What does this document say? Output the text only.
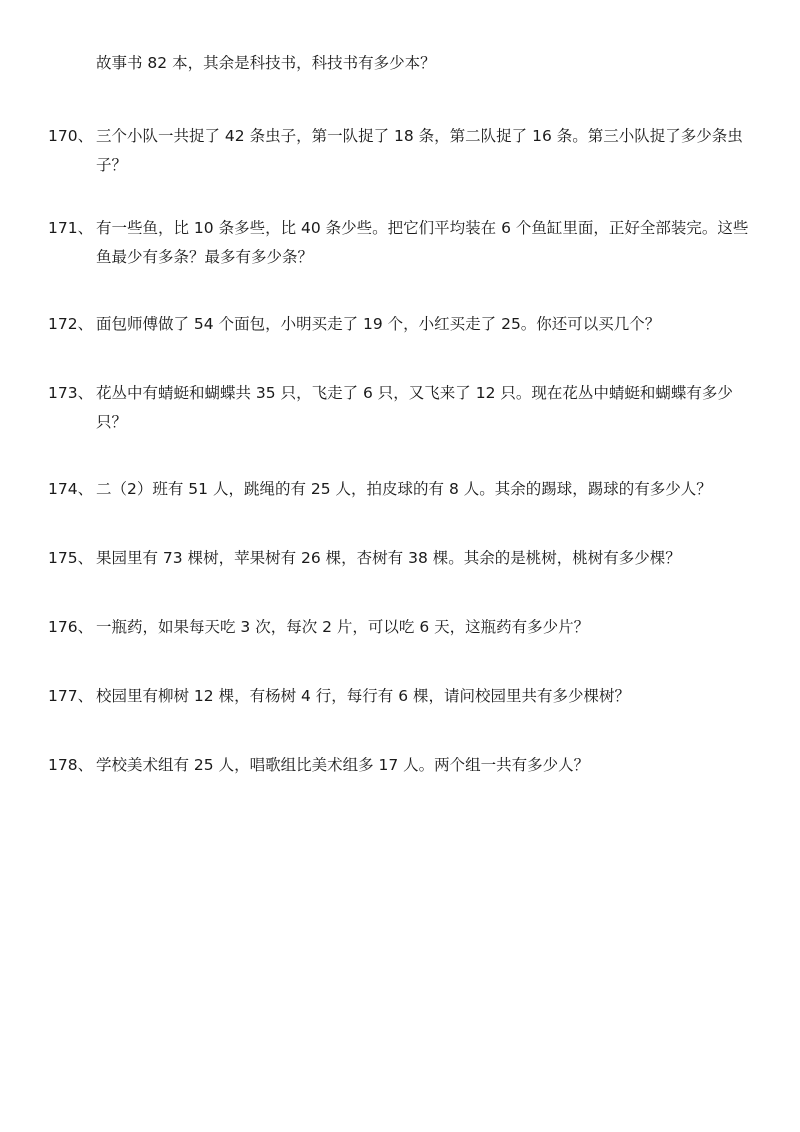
故事书 82 本，其余是科技书，科技书有多少本？
170、 三个小队一共捉了 42 条虫子，第一队捉了 18 条，第二队捉了 16 条。第三小队捉了多少条虫子？
171、 有一些鱼，比 10 条多些，比 40 条少些。把它们平均装在 6 个鱼缸里面，正好全部装完。这些鱼最少有多条？最多有多少条？
172、 面包师傅做了 54 个面包，小明买走了 19 个，小红买走了 25。你还可以买几个？
173、 花丛中有蜻蜓和蝴蝶共 35 只，飞走了 6 只，又飞来了 12 只。现在花丛中蜻蜓和蝴蝶有多少只？
174、 二（2）班有 51 人，跳绳的有 25 人，拍皮球的有 8 人。其余的踢球，踢球的有多少人？
175、 果园里有 73 棵树，苹果树有 26 棵，杏树有 38 棵。其余的是桃树，桃树有多少棵？
176、 一瓶药，如果每天吃 3 次，每次 2 片，可以吃 6 天，这瓶药有多少片？
177、 校园里有柳树 12 棵，有杨树 4 行，每行有 6 棵，请问校园里共有多少棵树？
178、 学校美术组有 25 人，唱歌组比美术组多 17 人。两个组一共有多少人？
